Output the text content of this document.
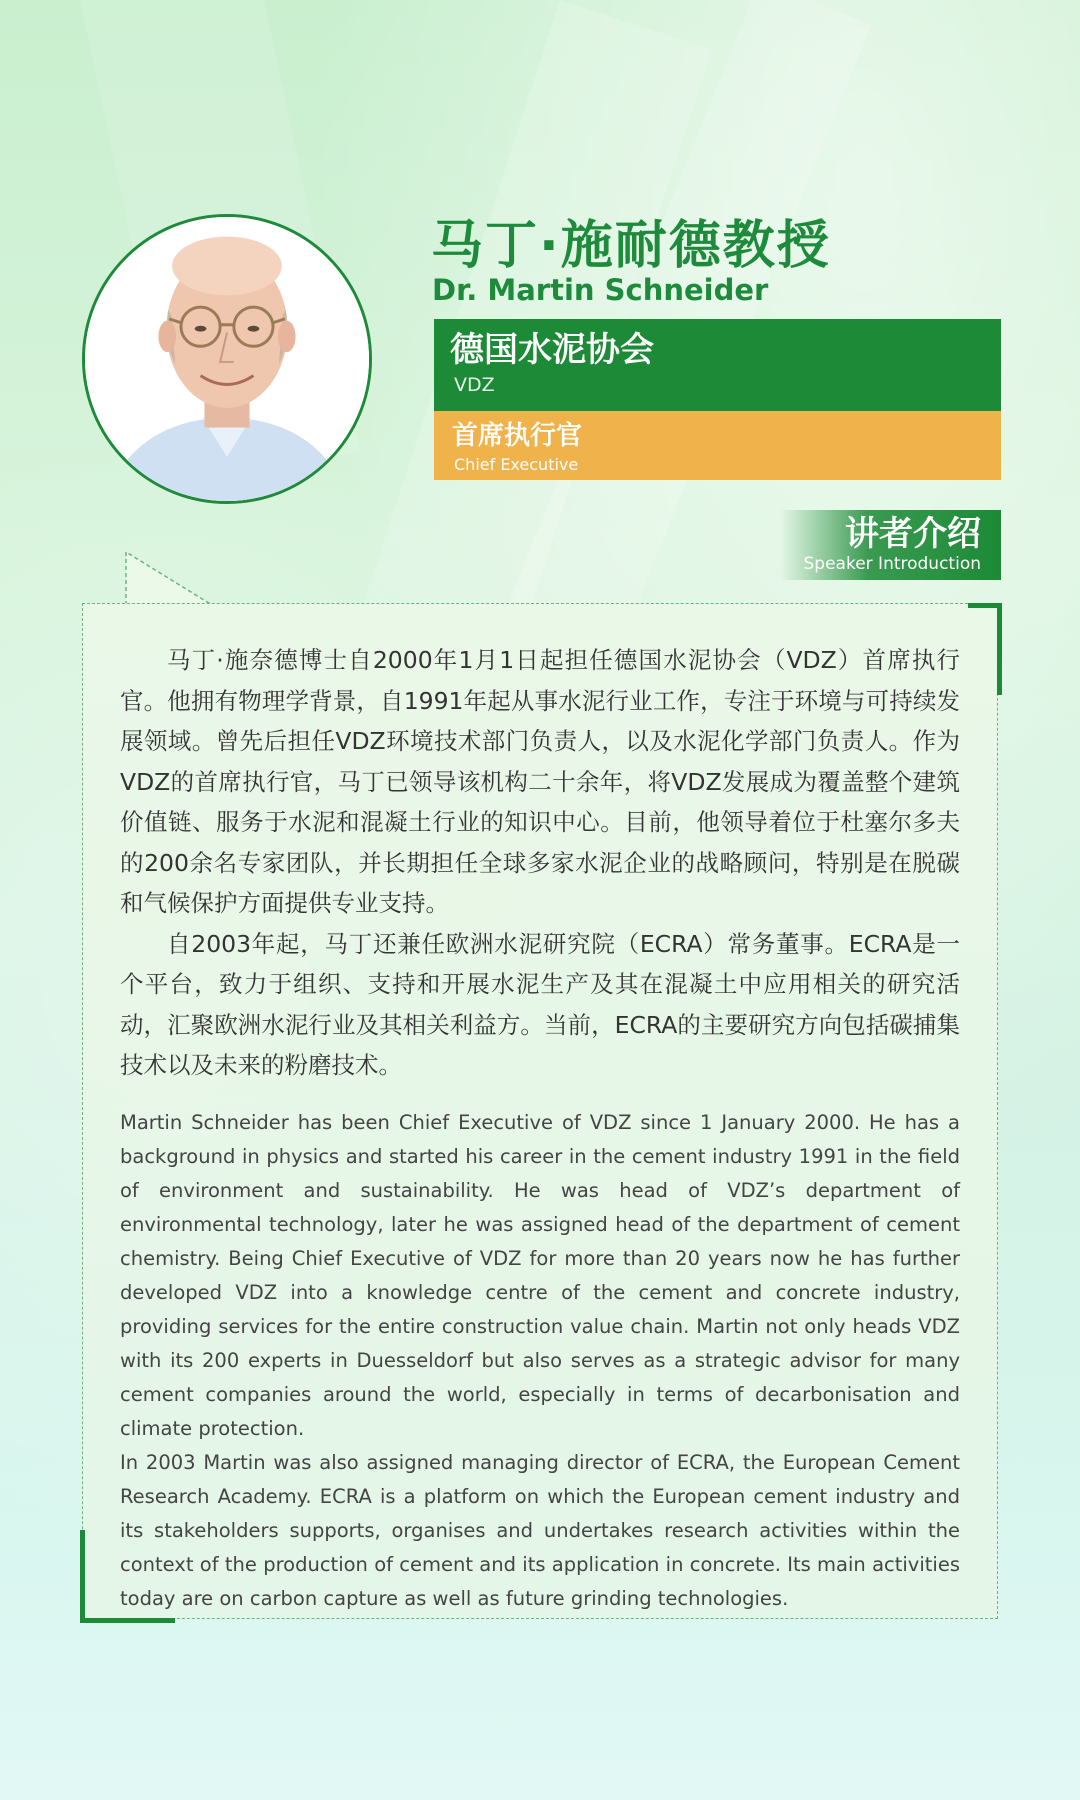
马丁·施耐德教授
Dr. Martin Schneider
德国水泥协会
VDZ
首席执行官
Chief Executive
讲者介绍
Speaker Introduction

马丁·施奈德博士自2000年1月1日起担任德国水泥协会（VDZ）首席执行官。他拥有物理学背景，自1991年起从事水泥行业工作，专注于环境与可持续发展领域。曾先后担任VDZ环境技术部门负责人，以及水泥化学部门负责人。作为VDZ的首席执行官，马丁已领导该机构二十余年，将VDZ发展成为覆盖整个建筑价值链、服务于水泥和混凝土行业的知识中心。目前，他领导着位于杜塞尔多夫的200余名专家团队，并长期担任全球多家水泥企业的战略顾问，特别是在脱碳和气候保护方面提供专业支持。

自2003年起，马丁还兼任欧洲水泥研究院（ECRA）常务董事。ECRA是一个平台，致力于组织、支持和开展水泥生产及其在混凝土中应用相关的研究活动，汇聚欧洲水泥行业及其相关利益方。当前，ECRA的主要研究方向包括碳捕集技术以及未来的粉磨技术。

Martin Schneider has been Chief Executive of VDZ since 1 January 2000. He has a background in physics and started his career in the cement industry 1991 in the field of environment and sustainability. He was head of VDZ’s department of environmental technology, later he was assigned head of the department of cement chemistry. Being Chief Executive of VDZ for more than 20 years now he has further developed VDZ into a knowledge centre of the cement and concrete industry, providing services for the entire construction value chain. Martin not only heads VDZ with its 200 experts in Duesseldorf but also serves as a strategic advisor for many cement companies around the world, especially in terms of decarbonisation and climate protection.

In 2003 Martin was also assigned managing director of ECRA, the European Cement Research Academy. ECRA is a platform on which the European cement industry and its stakeholders supports, organises and undertakes research activities within the context of the production of cement and its application in concrete. Its main activities today are on carbon capture as well as future grinding technologies.
